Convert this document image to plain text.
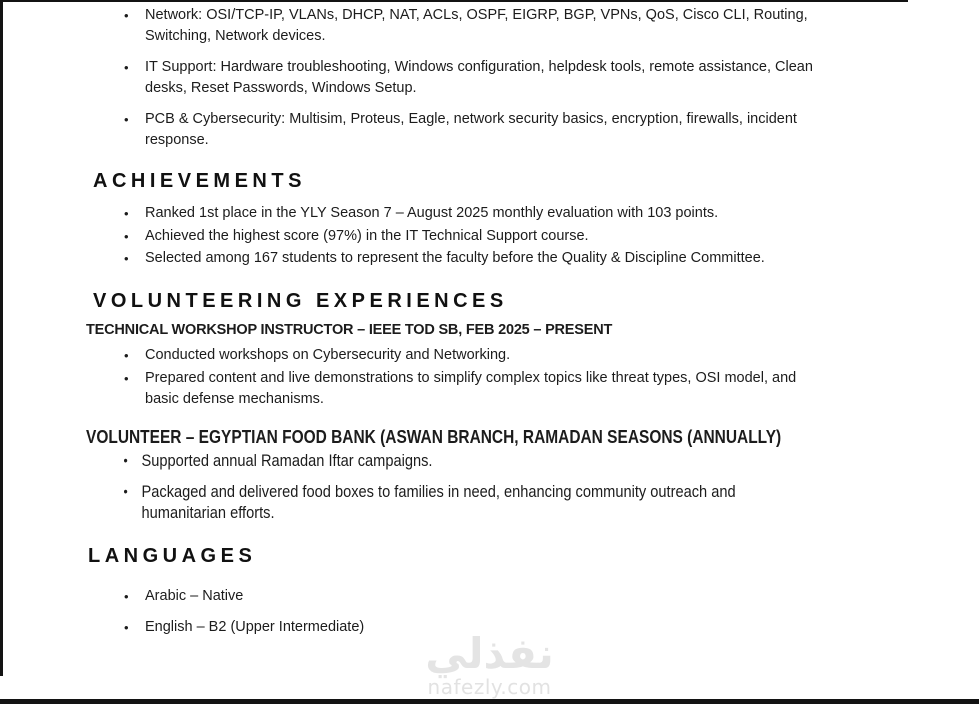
•	Network: OSI/TCP-IP, VLANs, DHCP, NAT, ACLs, OSPF, EIGRP, BGP, VPNs, QoS, Cisco CLI, Routing,
Switching, Network devices.
•	IT Support: Hardware troubleshooting, Windows configuration, helpdesk tools, remote assistance, Clean
desks, Reset Passwords, Windows Setup.
•	PCB & Cybersecurity: Multisim, Proteus, Eagle, network security basics, encryption, firewalls, incident
response.
ACHIEVEMENTS
•	Ranked 1st place in the YLY Season 7 – August 2025 monthly evaluation with 103 points.
•	Achieved the highest score (97%) in the IT Technical Support course.
•	Selected among 167 students to represent the faculty before the Quality & Discipline Committee.
VOLUNTEERING EXPERIENCES
TECHNICAL WORKSHOP INSTRUCTOR – IEEE TOD SB, FEB 2025 – PRESENT
•	Conducted workshops on Cybersecurity and Networking.
•	Prepared content and live demonstrations to simplify complex topics like threat types, OSI model, and
basic defense mechanisms.
VOLUNTEER – EGYPTIAN FOOD BANK (ASWAN BRANCH, RAMADAN SEASONS (ANNUALLY)
• Supported annual Ramadan Iftar campaigns.
• Packaged and delivered food boxes to families in need, enhancing community outreach and
humanitarian efforts.
LANGUAGES
•	Arabic – Native
•	English – B2 (Upper Intermediate)
نفذلي
nafezly.com
